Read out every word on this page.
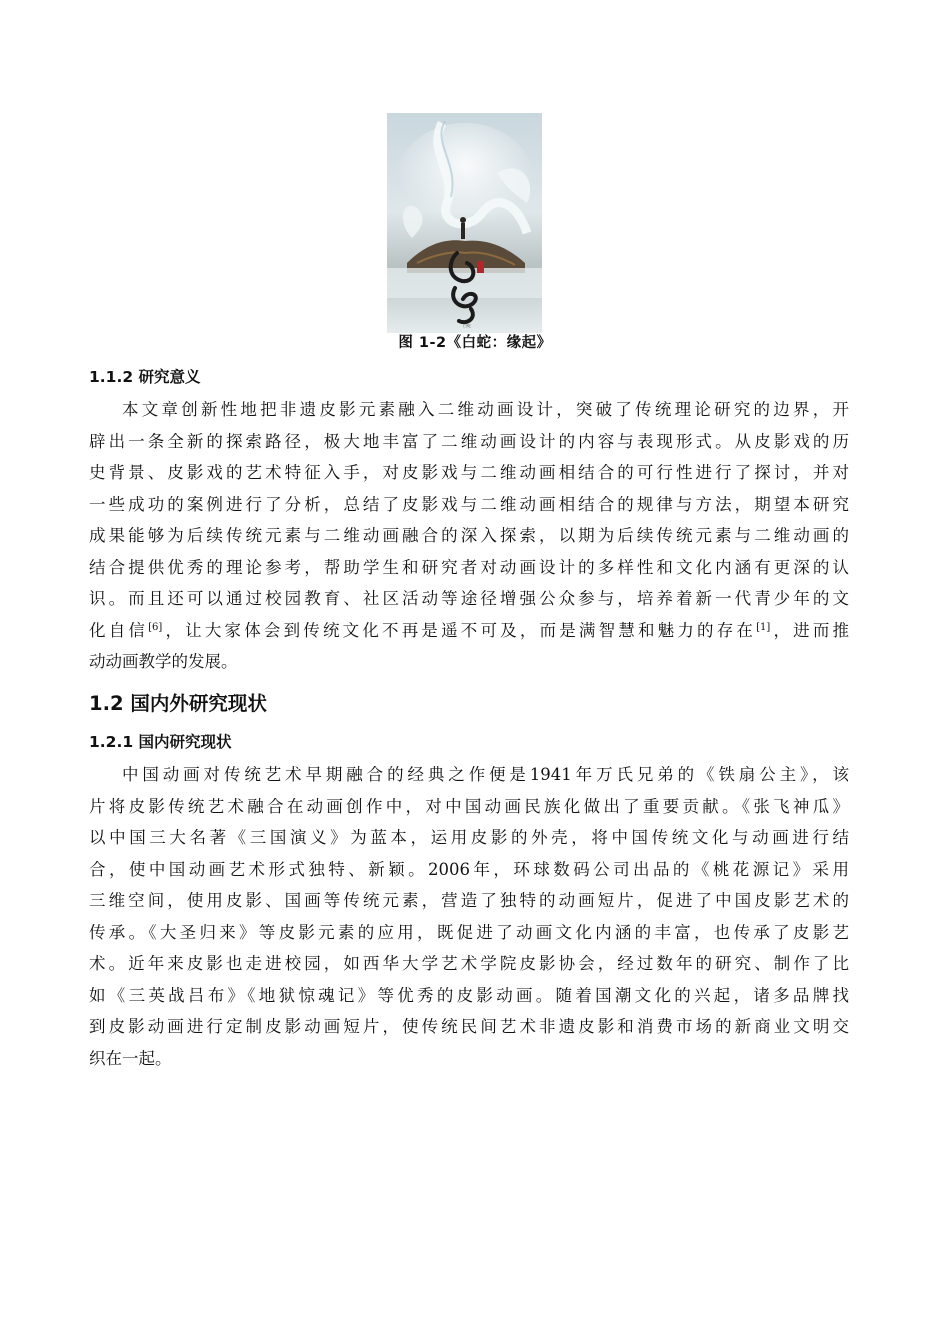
白蛇
图 1-2《白蛇：缘起》
1.1.2 研究意义
本文章创新性地把非遗皮影元素融入二维动画设计，突破了传统理论研究的边界，开
辟出一条全新的探索路径，极大地丰富了二维动画设计的内容与表现形式。从皮影戏的历
史背景、皮影戏的艺术特征入手，对皮影戏与二维动画相结合的可行性进行了探讨，并对
一些成功的案例进行了分析，总结了皮影戏与二维动画相结合的规律与方法，期望本研究
成果能够为后续传统元素与二维动画融合的深入探索，以期为后续传统元素与二维动画的
结合提供优秀的理论参考，帮助学生和研究者对动画设计的多样性和文化内涵有更深的认
识。而且还可以通过校园教育、社区活动等途径增强公众参与，培养着新一代青少年的文
化自信[6]，让大家体会到传统文化不再是遥不可及，而是满智慧和魅力的存在[1]，进而推
动动画教学的发展。
1.2 国内外研究现状
1.2.1 国内研究现状
中国动画对传统艺术早期融合的经典之作便是1941年万氏兄弟的《铁扇公主》，该
片将皮影传统艺术融合在动画创作中，对中国动画民族化做出了重要贡献。《张飞神瓜》
以中国三大名著《三国演义》为蓝本，运用皮影的外壳，将中国传统文化与动画进行结
合，使中国动画艺术形式独特、新颖。2006年，环球数码公司出品的《桃花源记》采用
三维空间，使用皮影、国画等传统元素，营造了独特的动画短片，促进了中国皮影艺术的
传承。《大圣归来》等皮影元素的应用，既促进了动画文化内涵的丰富，也传承了皮影艺
术。近年来皮影也走进校园，如西华大学艺术学院皮影协会，经过数年的研究、制作了比
如《三英战吕布》《地狱惊魂记》等优秀的皮影动画。随着国潮文化的兴起，诸多品牌找
到皮影动画进行定制皮影动画短片，使传统民间艺术非遗皮影和消费市场的新商业文明交
织在一起。
